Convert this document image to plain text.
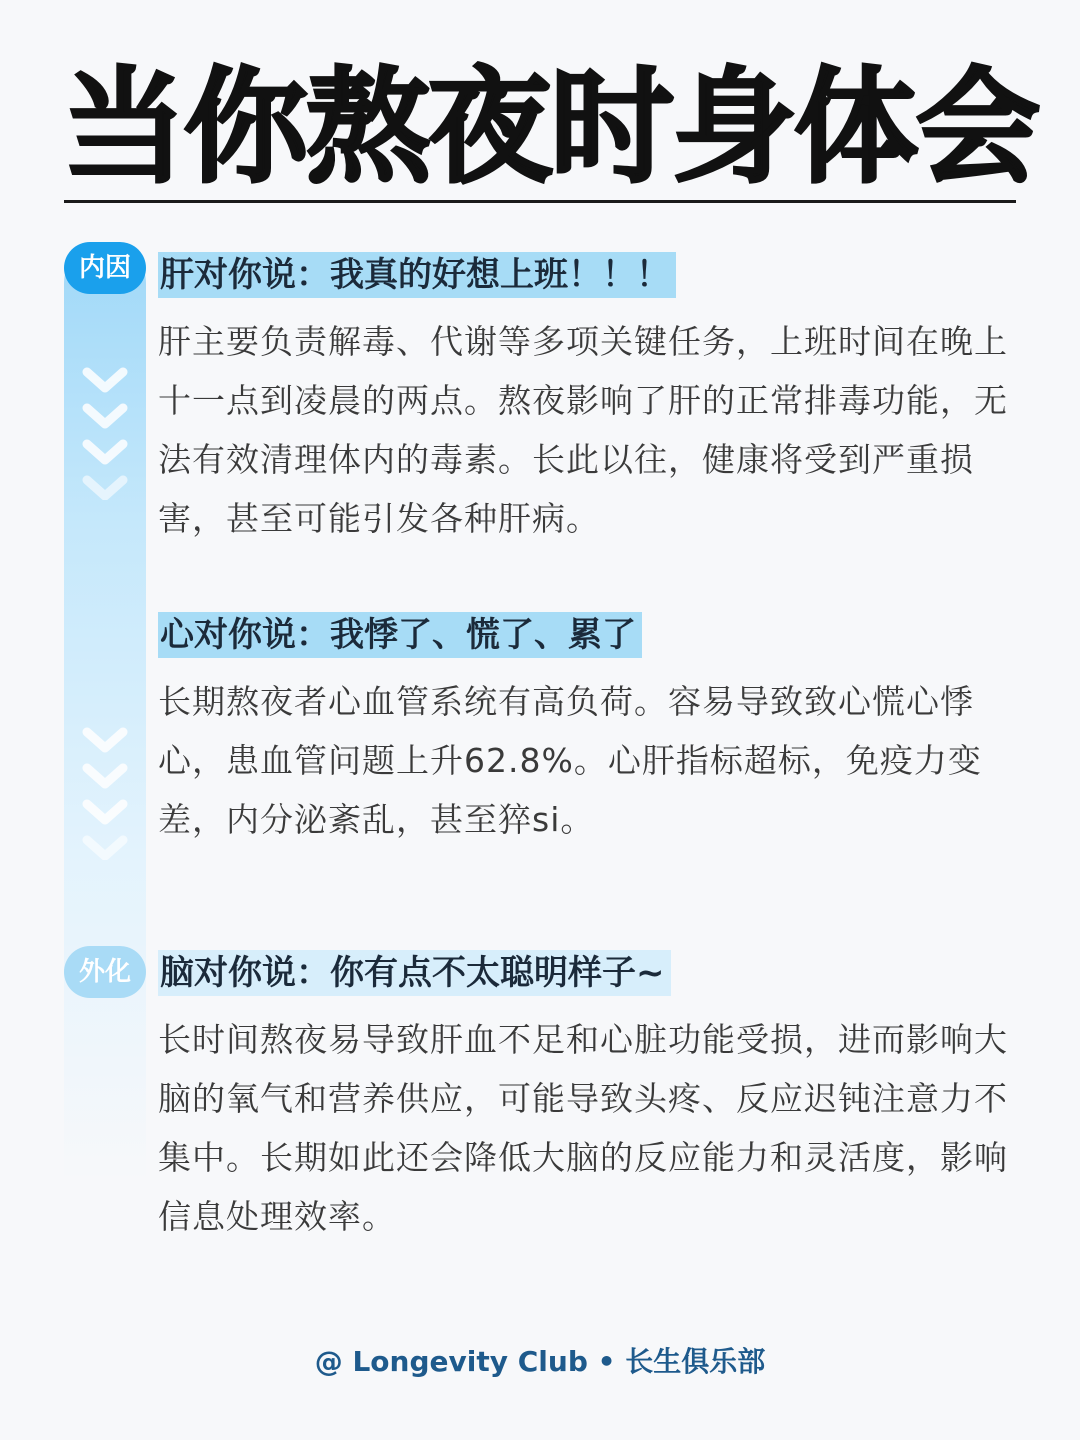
当你熬夜时身体会
内因
外化
肝对你说：我真的好想上班！！！

肝主要负责解毒、代谢等多项关键任务，上班时间在晚上十一点到凌晨的两点。熬夜影响了肝的正常排毒功能，无法有效清理体内的毒素。长此以往，健康将受到严重损害，甚至可能引发各种肝病。

心对你说：我悸了、慌了、累了

长期熬夜者心血管系统有高负荷。容易导致致心慌心悸心，患血管问题上升62.8%。心肝指标超标，免疫力变差，内分泌紊乱，甚至猝si。

脑对你说：你有点不太聪明样子~

长时间熬夜易导致肝血不足和心脏功能受损，进而影响大脑的氧气和营养供应，可能导致头疼、反应迟钝注意力不集中。长期如此还会降低大脑的反应能力和灵活度，影响信息处理效率。

@ Longevity Club • 长生俱乐部
